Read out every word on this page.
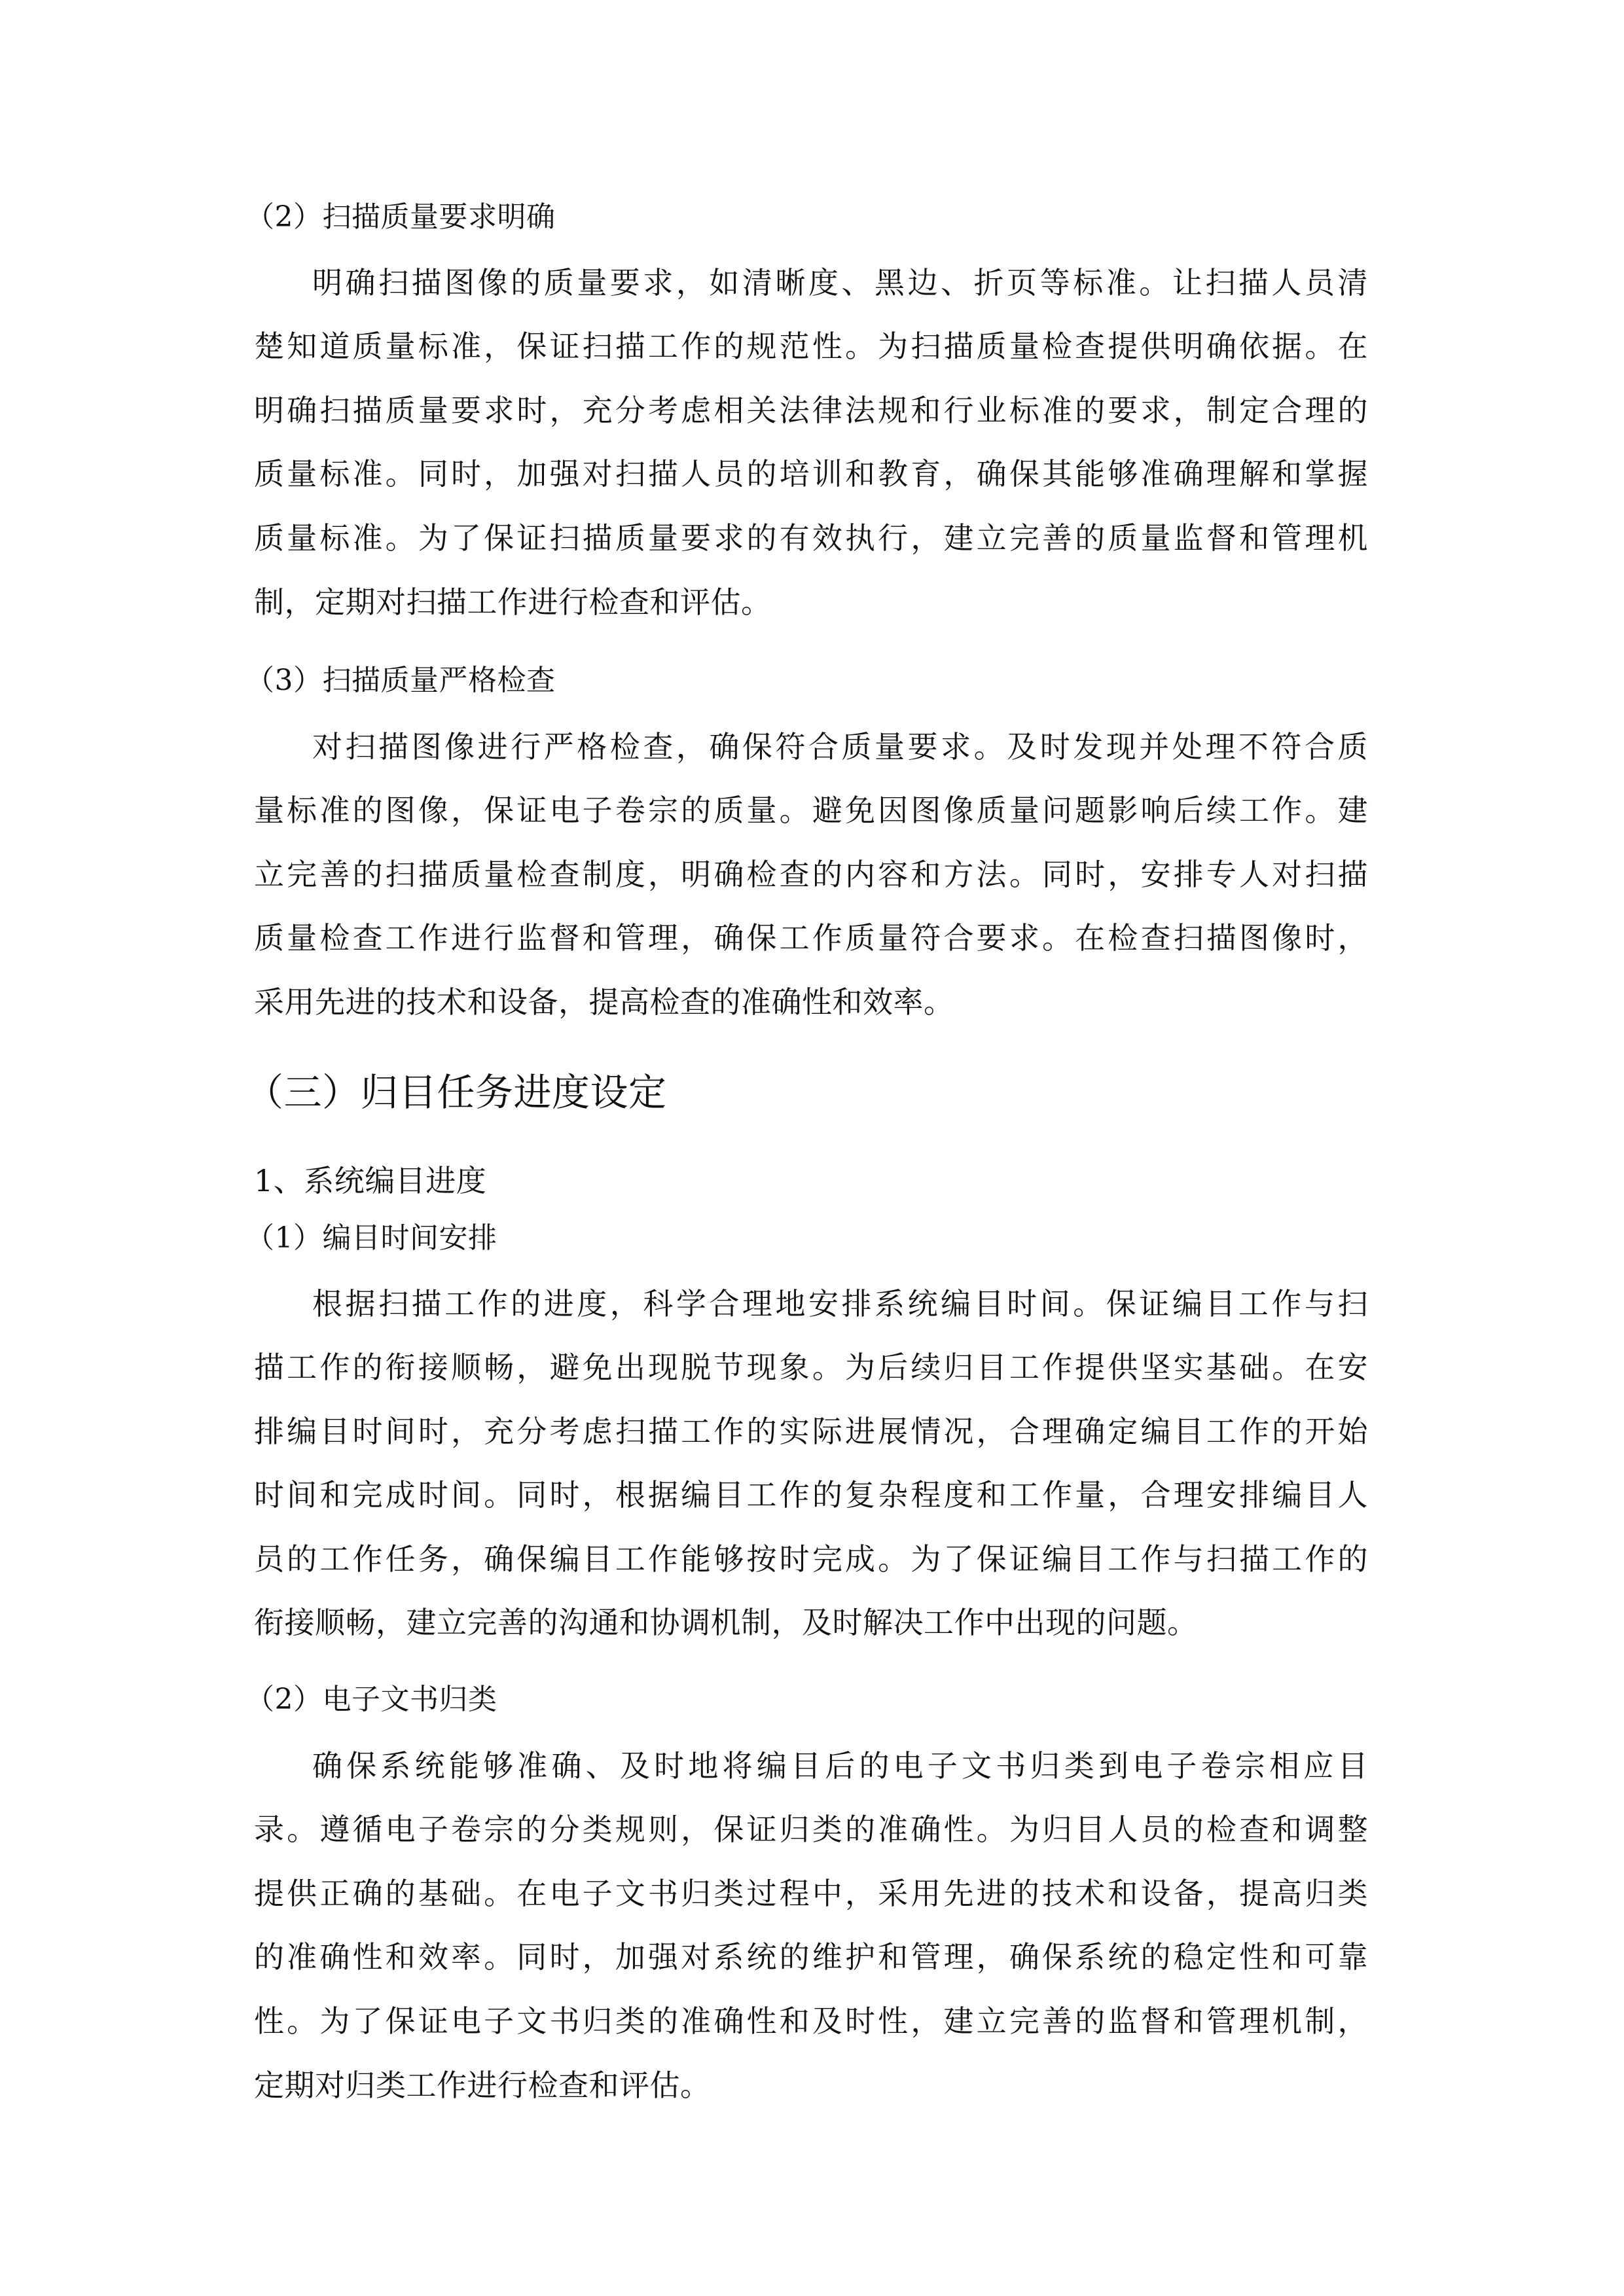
（2）扫描质量要求明确

明确扫描图像的质量要求，如清晰度、黑边、折页等标准。让扫描人员清

楚知道质量标准，保证扫描工作的规范性。为扫描质量检查提供明确依据。在

明确扫描质量要求时，充分考虑相关法律法规和行业标准的要求，制定合理的

质量标准。同时，加强对扫描人员的培训和教育，确保其能够准确理解和掌握

质量标准。为了保证扫描质量要求的有效执行，建立完善的质量监督和管理机

制，定期对扫描工作进行检查和评估。

（3）扫描质量严格检查

对扫描图像进行严格检查，确保符合质量要求。及时发现并处理不符合质

量标准的图像，保证电子卷宗的质量。避免因图像质量问题影响后续工作。建

立完善的扫描质量检查制度，明确检查的内容和方法。同时，安排专人对扫描

质量检查工作进行监督和管理，确保工作质量符合要求。在检查扫描图像时，

采用先进的技术和设备，提高检查的准确性和效率。

（三）归目任务进度设定

1、系统编目进度

（1）编目时间安排

根据扫描工作的进度，科学合理地安排系统编目时间。保证编目工作与扫

描工作的衔接顺畅，避免出现脱节现象。为后续归目工作提供坚实基础。在安

排编目时间时，充分考虑扫描工作的实际进展情况，合理确定编目工作的开始

时间和完成时间。同时，根据编目工作的复杂程度和工作量，合理安排编目人

员的工作任务，确保编目工作能够按时完成。为了保证编目工作与扫描工作的

衔接顺畅，建立完善的沟通和协调机制，及时解决工作中出现的问题。

（2）电子文书归类

确保系统能够准确、及时地将编目后的电子文书归类到电子卷宗相应目

录。遵循电子卷宗的分类规则，保证归类的准确性。为归目人员的检查和调整

提供正确的基础。在电子文书归类过程中，采用先进的技术和设备，提高归类

的准确性和效率。同时，加强对系统的维护和管理，确保系统的稳定性和可靠

性。为了保证电子文书归类的准确性和及时性，建立完善的监督和管理机制，

定期对归类工作进行检查和评估。
